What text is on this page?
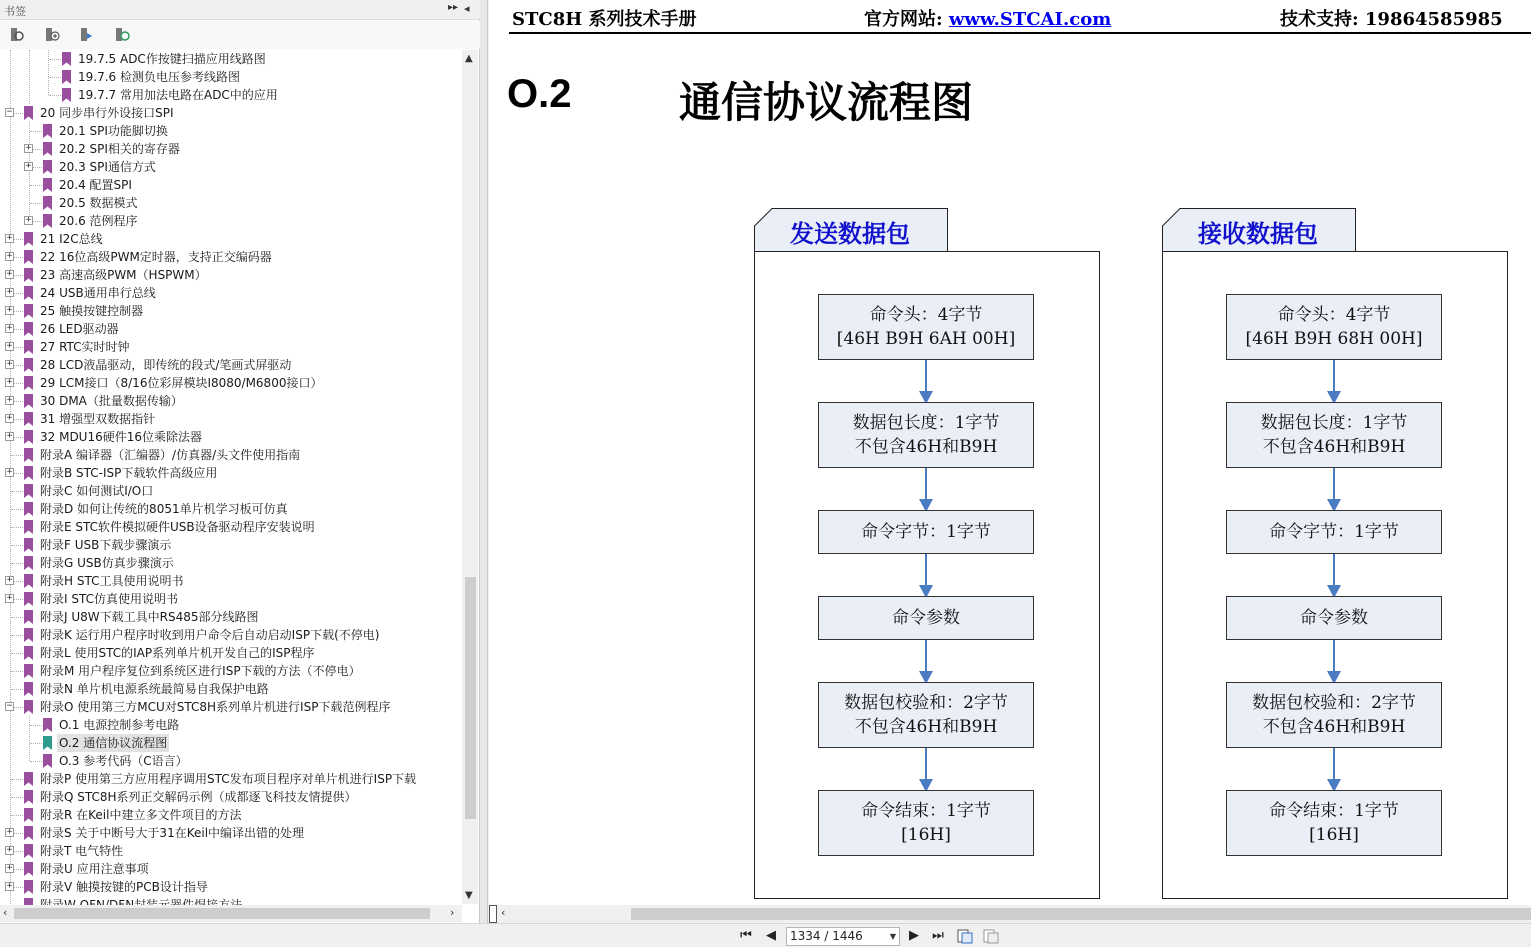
书签	▸▸ ◂
19.7.5 ADC作按键扫描应用线路图
19.7.6 检测负电压参考线路图
19.7.7 常用加法电路在ADC中的应用
− 20 同步串行外设接口SPI
20.1 SPI功能脚切换
+ 20.2 SPI相关的寄存器
+ 20.3 SPI通信方式
20.4 配置SPI
20.5 数据模式
+ 20.6 范例程序
+ 21 I2C总线
+ 22 16位高级PWM定时器，支持正交编码器
+ 23 高速高级PWM（HSPWM）
+ 24 USB通用串行总线
+ 25 触摸按键控制器
+ 26 LED驱动器
+ 27 RTC实时时钟
+ 28 LCD液晶驱动，即传统的段式/笔画式屏驱动
+ 29 LCM接口（8/16位彩屏模块I8080/M6800接口）
+ 30 DMA（批量数据传输）
+ 31 增强型双数据指针
+ 32 MDU16硬件16位乘除法器
附录A 编译器（汇编器）/仿真器/头文件使用指南
+ 附录B STC-ISP下载软件高级应用
附录C 如何测试I/O口
附录D 如何让传统的8051单片机学习板可仿真
附录E STC软件模拟硬件USB设备驱动程序安装说明
附录F USB下载步骤演示
附录G USB仿真步骤演示
+ 附录H STC工具使用说明书
+ 附录I STC仿真使用说明书
附录J U8W下载工具中RS485部分线路图
附录K 运行用户程序时收到用户命令后自动启动ISP下载(不停电)
附录L 使用STC的IAP系列单片机开发自己的ISP程序
附录M 用户程序复位到系统区进行ISP下载的方法（不停电）
附录N 单片机电源系统最简易自我保护电路
− 附录O 使用第三方MCU对STC8H系列单片机进行ISP下载范例程序
O.1 电源控制参考电路
O.2 通信协议流程图
O.3 参考代码（C语言）
附录P 使用第三方应用程序调用STC发布项目程序对单片机进行ISP下载
附录Q STC8H系列正交解码示例（成都逐飞科技友情提供）
附录R 在Keil中建立多文件项目的方法
+ 附录S 关于中断号大于31在Keil中编译出错的处理
+ 附录T 电气特性
+ 附录U 应用注意事项
+ 附录V 触摸按键的PCB设计指导
▲
▼
‹	›
STC8H 系列技术手册	官方网站: www.STCAI.com	技术支持: 19864585985
O.2	通信协议流程图
发送数据包
命令头：4字节
[46H B9H 6AH 00H]
数据包长度：1字节
不包含46H和B9H
命令字节：1字节
命令参数
数据包校验和：2字节
不包含46H和B9H
命令结束：1字节
[16H]
接收数据包
命令头：4字节
[46H B9H 68H 00H]
数据包长度：1字节
不包含46H和B9H
命令字节：1字节
命令参数
数据包校验和：2字节
不包含46H和B9H
命令结束：1字节
[16H]
‹
⏮	◀	1334 / 1446	▼	▶	⏭
